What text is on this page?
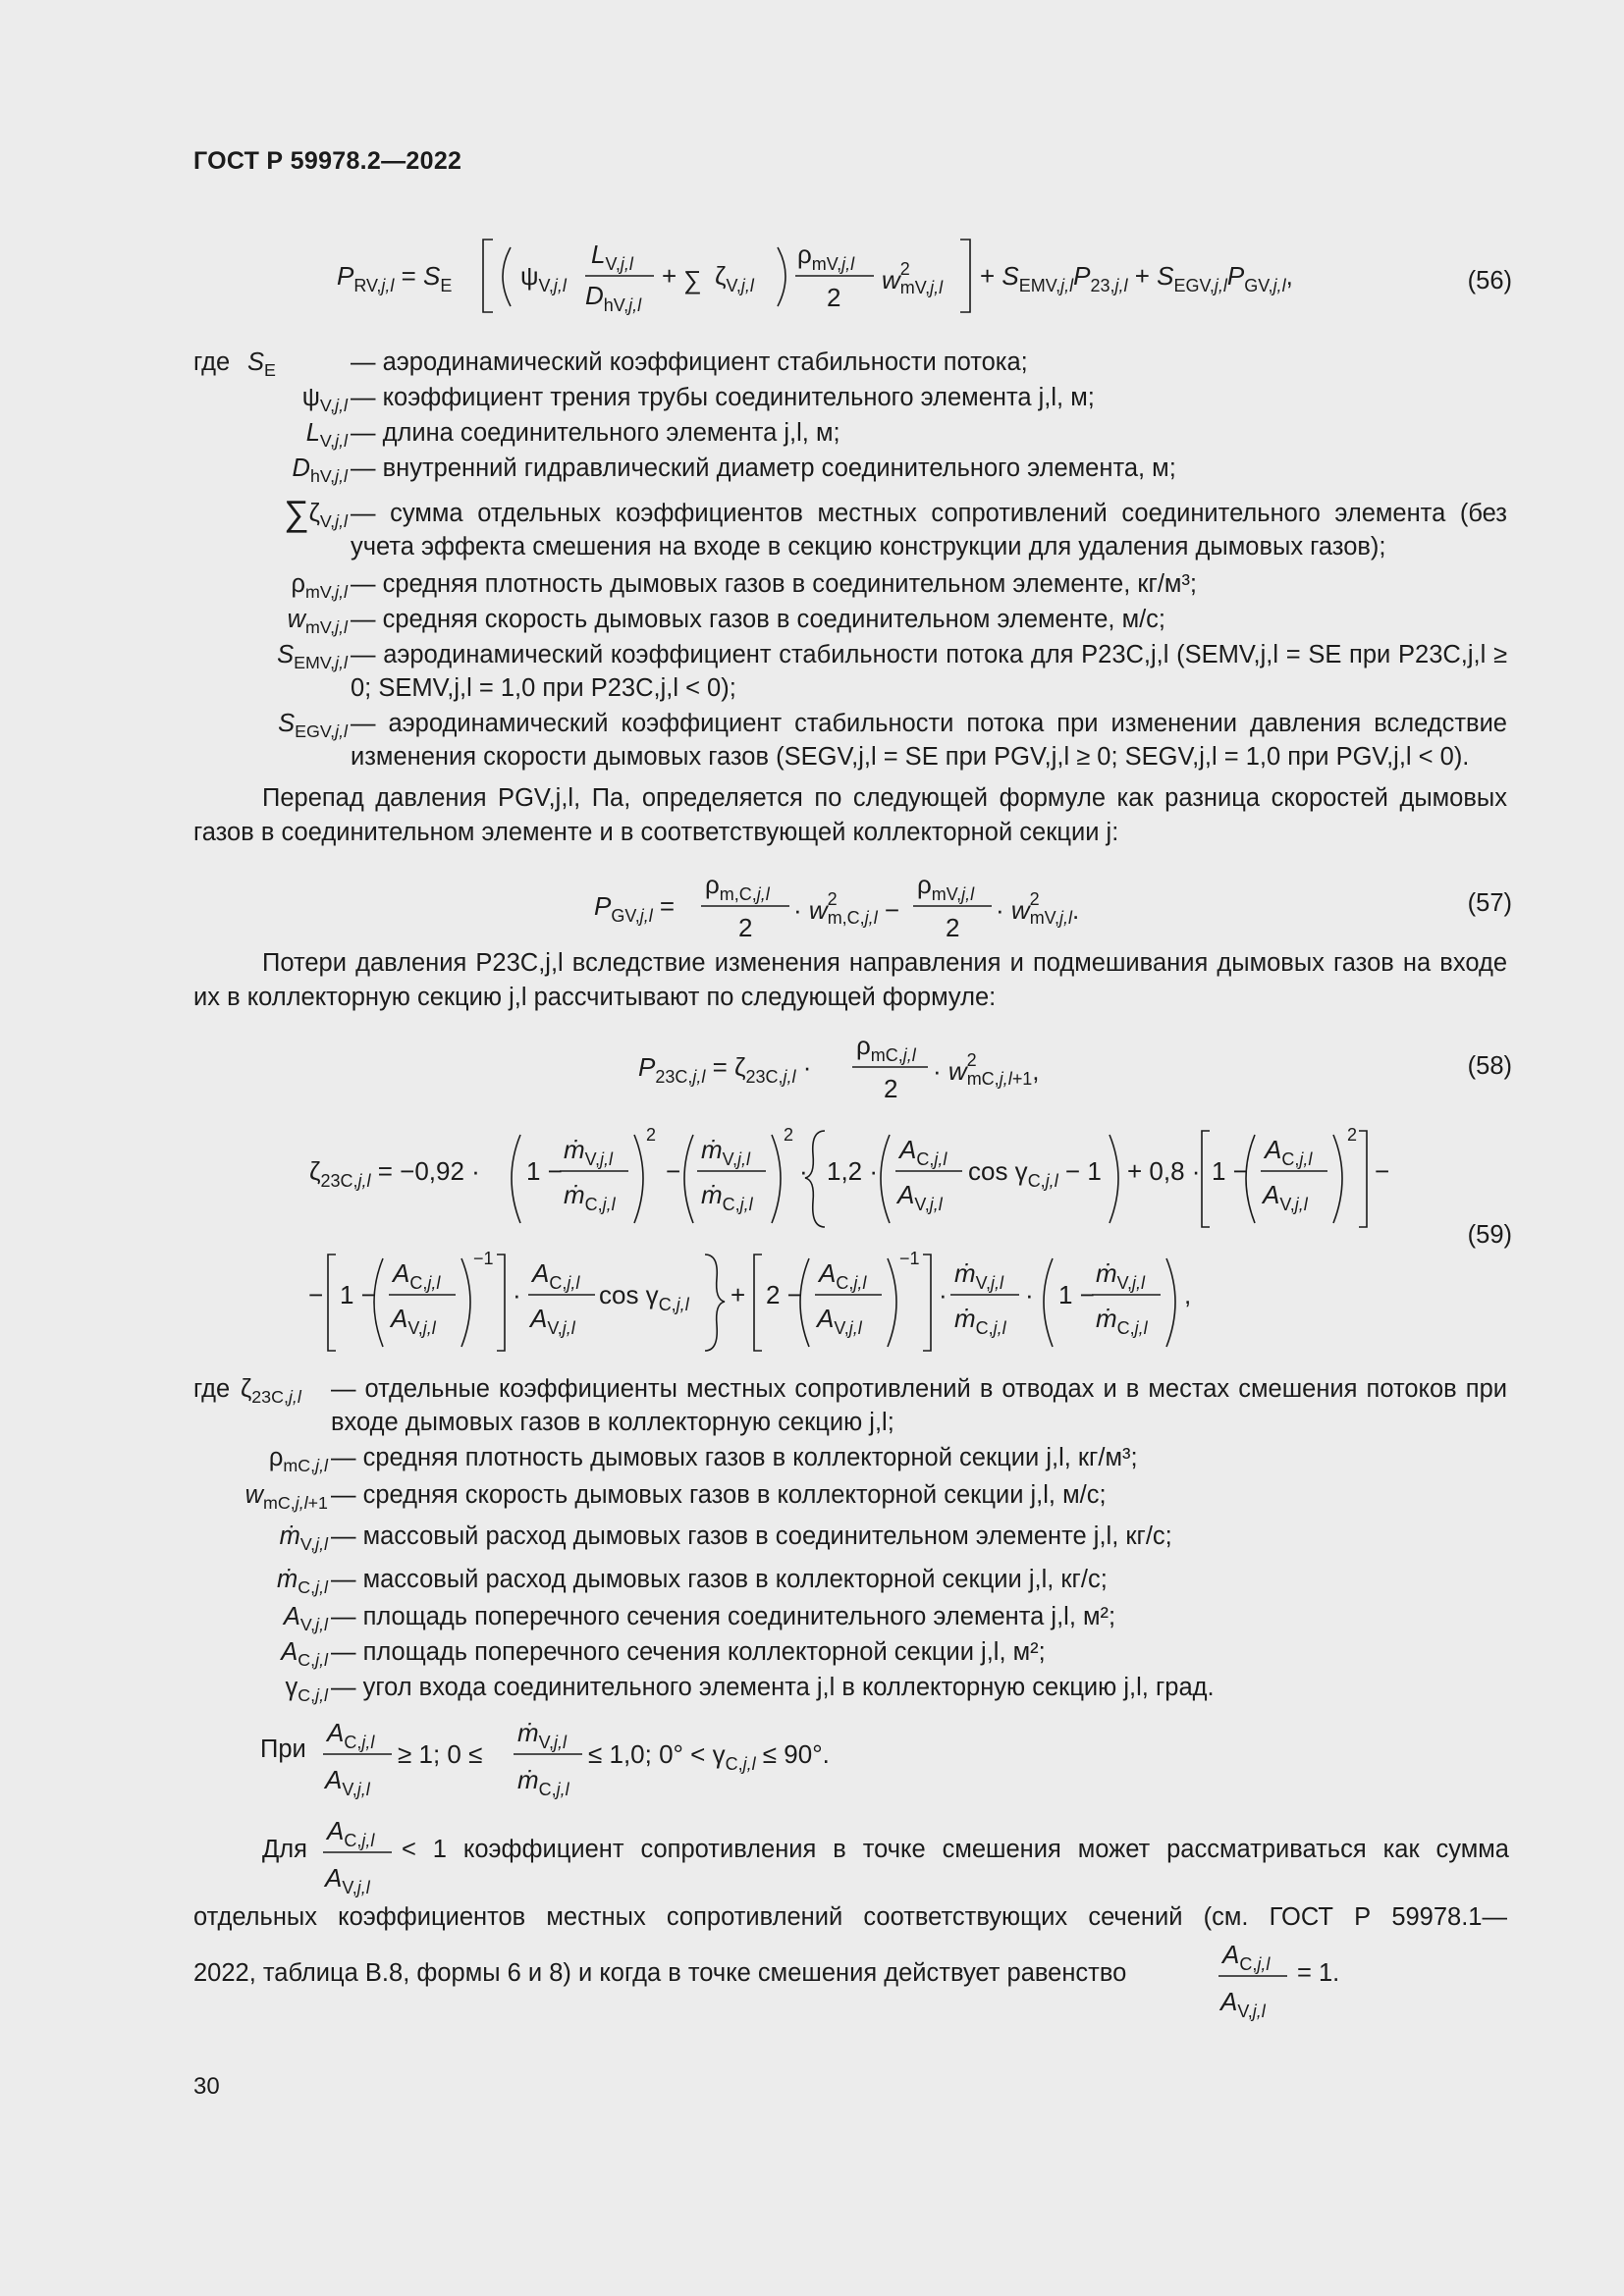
ГОСТ Р 59978.2—2022
$P_{RV,}j,l = S_E$	$\psi_{V,}j,l$
$L_{V,}j,l$
$D_{hV,}j,l$
+ ∑ $\zeta_{V,}j,l$
$\rho_{mV,}j,l$
2
$w^2$ $mV,j,l + S_{EMV,}j,lP_{23,}j,l + S_{EGV,}j,lP_{GV,}j,l$,	(56)
где $S_E$	— аэродинамический коэффициент стабильности потока;
$\psi_{V,j,l}$ — коэффициент трения трубы соединительного элемента j,l, м;
$L_{V,j,l}$ — длина соединительного элемента j,l, м;
$D_{hV,j,l}$ — внутренний гидравлический диаметр соединительного элемента, м;
$\sum\zeta_{V,j,l}$ — сумма отдельных коэффициентов местных сопротивлений соединительного элемента (без учета эффекта смешения на входе в секцию конструкции для удаления дымовых газов);
$\rho_{mV,j,l}$ — средняя плотность дымовых газов в соединительном элементе, кг/м³;
$w_{mV,j,l}$ — средняя скорость дымовых газов в соединительном элементе, м/с;
$S_{EMV,j,l}$ — аэродинамический коэффициент стабильности потока для P23C,j,l (SEMV,j,l = SE при P23C,j,l ≥ 0; SEMV,j,l = 1,0 при P23C,j,l < 0);
$S_{EGV,j,l}$ — аэродинамический коэффициент стабильности потока при изменении давления вследствие изменения скорости дымовых газов (SEGV,j,l = SE при PGV,j,l ≥ 0; SEGV,j,l = 1,0 при PGV,j,l < 0).
Перепад давления PGV,j,l, Па, определяется по следующей формуле как разница скоростей дымовых газов в соединительном элементе и в соответствующей коллекторной секции j:
$P_{GV,}j,l$ =
$\rho_{m,C,}j,l$
2
· $w^2$ m,C,j,l −
$\rho_{mV,}j,l$
2
· $w^2$ mV,j,l.	(57)
Потери давления P23C,j,l вследствие изменения направления и подмешивания дымовых газов на входе их в коллекторную секцию j,l рассчитывают по следующей формуле:
$P_{23C,}j,l = \zeta_{23C,}j,l$ ·
$\rho_{mC,}j,l$
2
· $w^2$ mC,j,l+1,	(58)
$\zeta_{23C,}j,l = -0,92 \cdot 1$ −
ṁ$_{V,}$j,l
ṁ$_{C,}$j,l
2
−
ṁ$_{V,}$j,l
ṁ$_{C,}$j,l
2
· 1,2 ·
$A_{C,}j,l$
$A_{V,}j,l$
$\cos \gamma_{C,}j,l - 1 + 0,8 \cdot 1$ −
$A_{C,}j,l$
$A_{V,}j,l$
2
−
− 1 −
$A_{C,}j,l$
$A_{V,}j,l$
−1
·
$A_{C,}j,l$
$A_{V,}j,l$
$\cos \gamma_{C,}j,l + 2$ −
$A_{C,}j,l$
$A_{V,}j,l$
−1
·
ṁ$_{V,}$j,l
ṁ$_{C,}$j,l
· 1 −
ṁ$_{V,}$j,l
ṁ$_{C,}$j,l
,
(59)
где $\zeta_{23C,j,l}$ — отдельные коэффициенты местных сопротивлений в отводах и в местах смешения потоков при входе дымовых газов в коллекторную секцию j,l;
$\rho_{mC,j,l}$ — средняя плотность дымовых газов в коллекторной секции j,l, кг/м³;
$w_{mC,j,l+1}$ — средняя скорость дымовых газов в коллекторной секции j,l, м/с;
ṁ$_{V,j,l}$ — массовый расход дымовых газов в соединительном элементе j,l, кг/с;
ṁ$_{C,j,l}$ — массовый расход дымовых газов в коллекторной секции j,l, кг/с;
$A_{V,j,l}$ — площадь поперечного сечения соединительного элемента j,l, м²;
$A_{C,j,l}$ — площадь поперечного сечения коллекторной секции j,l, м²;
$\gamma_{C,j,l}$ — угол входа соединительного элемента j,l в коллекторную секцию j,l, град.
При
$A_{C,}j,l$
$A_{V,}j,l$
≥ 1; 0 ≤
ṁ$_{V,}$j,l
ṁ$_{C,}$j,l
≤ 1,0; $0^\circ < \gamma_{C,}j,l \le 90^\circ$.
Для
$A_{C,}j,l$
$A_{V,}j,l$
< 1 коэффициент сопротивления в точке смешения может рассматриваться как сумма
отдельных коэффициентов местных сопротивлений соответствующих сечений (см. ГОСТ Р 59978.1—
2022, таблица В.8, формы 6 и 8) и когда в точке смешения действует равенство
$A_{C,}j,l$
$A_{V,}j,l$
= 1.
30
